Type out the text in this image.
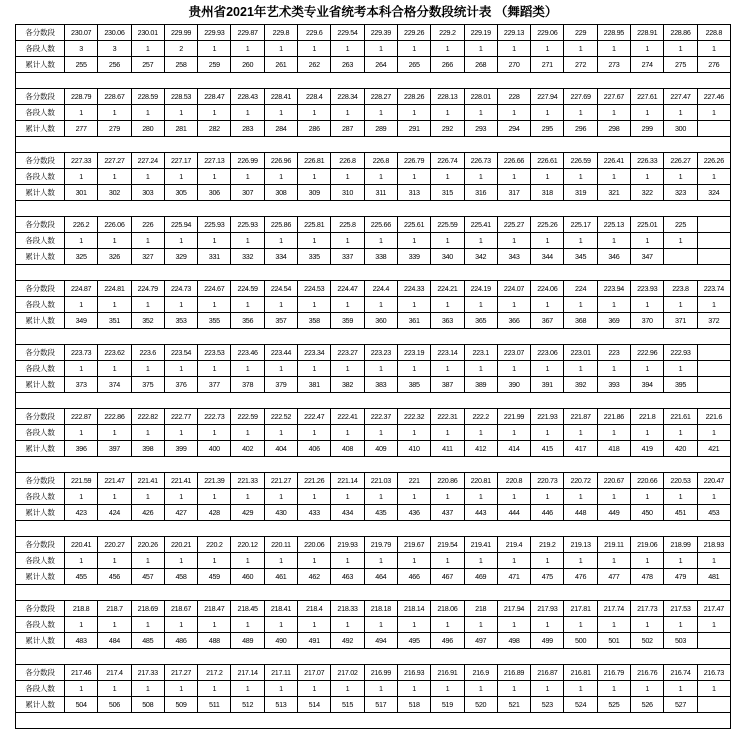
贵州省2021年艺术类专业省统考本科合格分数段统计表 （舞蹈类）
各分数段	230.07	230.06	230.01	229.99	229.93	229.87	229.8	229.6	229.54	229.39	229.26	229.2	229.19	229.13	229.06	229	228.95	228.91	228.86	228.8
各段人数	3	3	1	2	1	1	1	1	1	1	1	1	1	1	1	1	1	1	1	1
累计人数	255	256	257	258	259	260	261	262	263	264	265	266	268	270	271	272	273	274	275	276

各分数段	228.79	228.67	228.59	228.53	228.47	228.43	228.41	228.4	228.34	228.27	228.26	228.13	228.01	228	227.94	227.69	227.67	227.61	227.47	227.46
各段人数	1	1	1	1	1	1	1	1	1	1	1	1	1	1	1	1	1	1	1	1
累计人数	277	279	280	281	282	283	284	286	287	289	291	292	293	294	295	296	298	299	300	

各分数段	227.33	227.27	227.24	227.17	227.13	226.99	226.96	226.81	226.8	226.8	226.79	226.74	226.73	226.66	226.61	226.59	226.41	226.33	226.27	226.26
各段人数	1	1	1	1	1	1	1	1	1	1	1	1	1	1	1	1	1	1	1	1
累计人数	301	302	303	305	306	307	308	309	310	311	313	315	316	317	318	319	321	322	323	324

各分数段	226.2	226.06	226	225.94	225.93	225.93	225.86	225.81	225.8	225.66	225.61	225.59	225.41	225.27	225.26	225.17	225.13	225.01	225	
各段人数	1	1	1	1	1	1	1	1	1	1	1	1	1	1	1	1	1	1	1	
累计人数	325	326	327	329	331	332	334	335	337	338	339	340	342	343	344	345	346	347		

各分数段	224.87	224.81	224.79	224.73	224.67	224.59	224.54	224.53	224.47	224.4	224.33	224.21	224.19	224.07	224.06	224	223.94	223.93	223.8	223.74
各段人数	1	1	1	1	1	1	1	1	1	1	1	1	1	1	1	1	1	1	1	1
累计人数	349	351	352	353	355	356	357	358	359	360	361	363	365	366	367	368	369	370	371	372

各分数段	223.73	223.62	223.6	223.54	223.53	223.46	223.44	223.34	223.27	223.23	223.19	223.14	223.1	223.07	223.06	223.01	223	222.96	222.93	
各段人数	1	1	1	1	1	1	1	1	1	1	1	1	1	1	1	1	1	1	1	
累计人数	373	374	375	376	377	378	379	381	382	383	385	387	389	390	391	392	393	394	395	

各分数段	222.87	222.86	222.82	222.77	222.73	222.59	222.52	222.47	222.41	222.37	222.32	222.31	222.2	221.99	221.93	221.87	221.86	221.8	221.61	221.6
各段人数	1	1	1	1	1	1	1	1	1	1	1	1	1	1	1	1	1	1	1	1
累计人数	396	397	398	399	400	402	404	406	408	409	410	411	412	414	415	417	418	419	420	421

各分数段	221.59	221.47	221.41	221.41	221.39	221.33	221.27	221.26	221.14	221.03	221	220.86	220.81	220.8	220.73	220.72	220.67	220.66	220.53	220.47
各段人数	1	1	1	1	1	1	1	1	1	1	1	1	1	1	1	1	1	1	1	1
累计人数	423	424	426	427	428	429	430	433	434	435	436	437	443	444	446	448	449	450	451	453

各分数段	220.41	220.27	220.26	220.21	220.2	220.12	220.11	220.06	219.93	219.79	219.67	219.54	219.41	219.4	219.2	219.13	219.11	219.06	218.99	218.93
各段人数	1	1	1	1	1	1	1	1	1	1	1	1	1	1	1	1	1	1	1	1
累计人数	455	456	457	458	459	460	461	462	463	464	466	467	469	471	475	476	477	478	479	481

各分数段	218.8	218.7	218.69	218.67	218.47	218.45	218.41	218.4	218.33	218.18	218.14	218.06	218	217.94	217.93	217.81	217.74	217.73	217.53	217.47
各段人数	1	1	1	1	1	1	1	1	1	1	1	1	1	1	1	1	1	1	1	1
累计人数	483	484	485	486	488	489	490	491	492	494	495	496	497	498	499	500	501	502	503	

各分数段	217.46	217.4	217.33	217.27	217.2	217.14	217.11	217.07	217.02	216.99	216.93	216.91	216.9	216.89	216.87	216.81	216.79	216.76	216.74	216.73
各段人数	1	1	1	1	1	1	1	1	1	1	1	1	1	1	1	1	1	1	1	1
累计人数	504	506	508	509	511	512	513	514	515	517	518	519	520	521	523	524	525	526	527	
